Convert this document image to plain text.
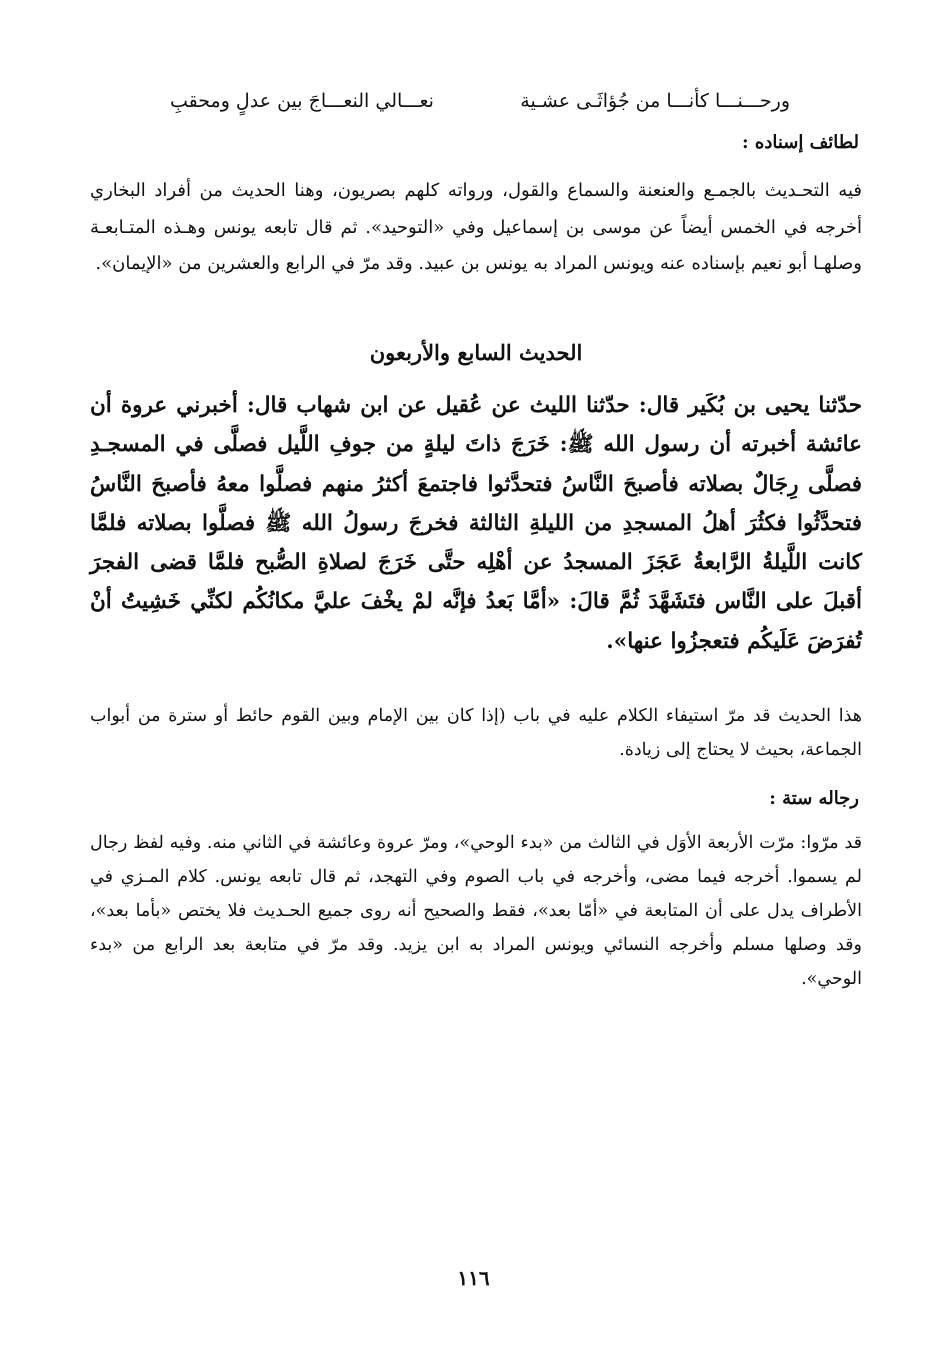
ورحـــنـــا كأنـــا من جُؤاثَـى عشـية
نعـــالي النعـــاجَ بين عدلٍ ومحقبِ
لطائف إسناده :

فيه التحـديث بالجمـع والعنعنة والسماع والقول، ورواته كلهم بصريون، وهنا الحديث من أفراد البخاري أخرجه في الخمس أيضاً عن موسى بن إسماعيل وفي «التوحيد». ثم قال تابعه يونس وهـذه المتـابعـة وصلهـا أبو نعيم بإسناده عنه ويونس المراد به يونس بن عبيد. وقد مرّ في الرابع والعشرين من «الإيمان».

الحديث السابع والأربعون

حدّثنا يحيى بن بُكَير قال: حدّثنا الليث عن عُقيل عن ابن شهاب قال: أخبرني عروة أن عائشة أخبرته أن رسول الله ﷺ: خَرَجَ ذاتَ ليلةٍ من جوفِ اللَّيل فصلَّى في المسجـدِ فصلَّى رِجَالٌ بصلاته فأصبحَ النَّاسُ فتحدَّثوا فاجتمعَ أكثرُ منهم فصلَّوا معهُ فأصبحَ النَّاسُ فتحدَّثُوا فكثُرَ أهلُ المسجدِ من الليلةِ الثالثة فخرجَ رسولُ الله ﷺ فصلَّوا بصلاته فلمَّا كانت اللَّيلةُ الرَّابعةُ عَجَزَ المسجدُ عن أهْلِه حتَّى خَرَجَ لصلاةِ الصُّبح فلمَّا قضى الفجرَ أقبلَ على النَّاس فتَشَهَّدَ ثُمَّ قالَ: «أمَّا بَعدُ فإنَّه لمْ يخْفَ عليَّ مكانُكُم لكنِّي خَشِيتُ أنْ تُفرَضَ عَلَيكُم فتعجزُوا عنها».

هذا الحديث قد مرّ استيفاء الكلام عليه في باب (إذا كان بين الإمام وبين القوم حائط أو سترة من أبواب الجماعة، بحيث لا يحتاج إلى زيادة.

رجاله ستة :

قد مرّوا: مرّت الأربعة الأوَل في الثالث من «بدء الوحي»، ومرّ عروة وعائشة في الثاني منه. وفيه لفظ رجال لم يسموا. أخرجه فيما مضى، وأخرجه في باب الصوم وفي التهجد، ثم قال تابعه يونس. كلام المـزي في الأطراف يدل على أن المتابعة في «أمّا بعد»، فقط والصحيح أنه روى جميع الحـديث فلا يختص «بأما بعد»، وقد وصلها مسلم وأخرجه النسائي ويونس المراد به ابن يزيد. وقد مرّ في متابعة بعد الرابع من «بدء الوحي».

١١٦
